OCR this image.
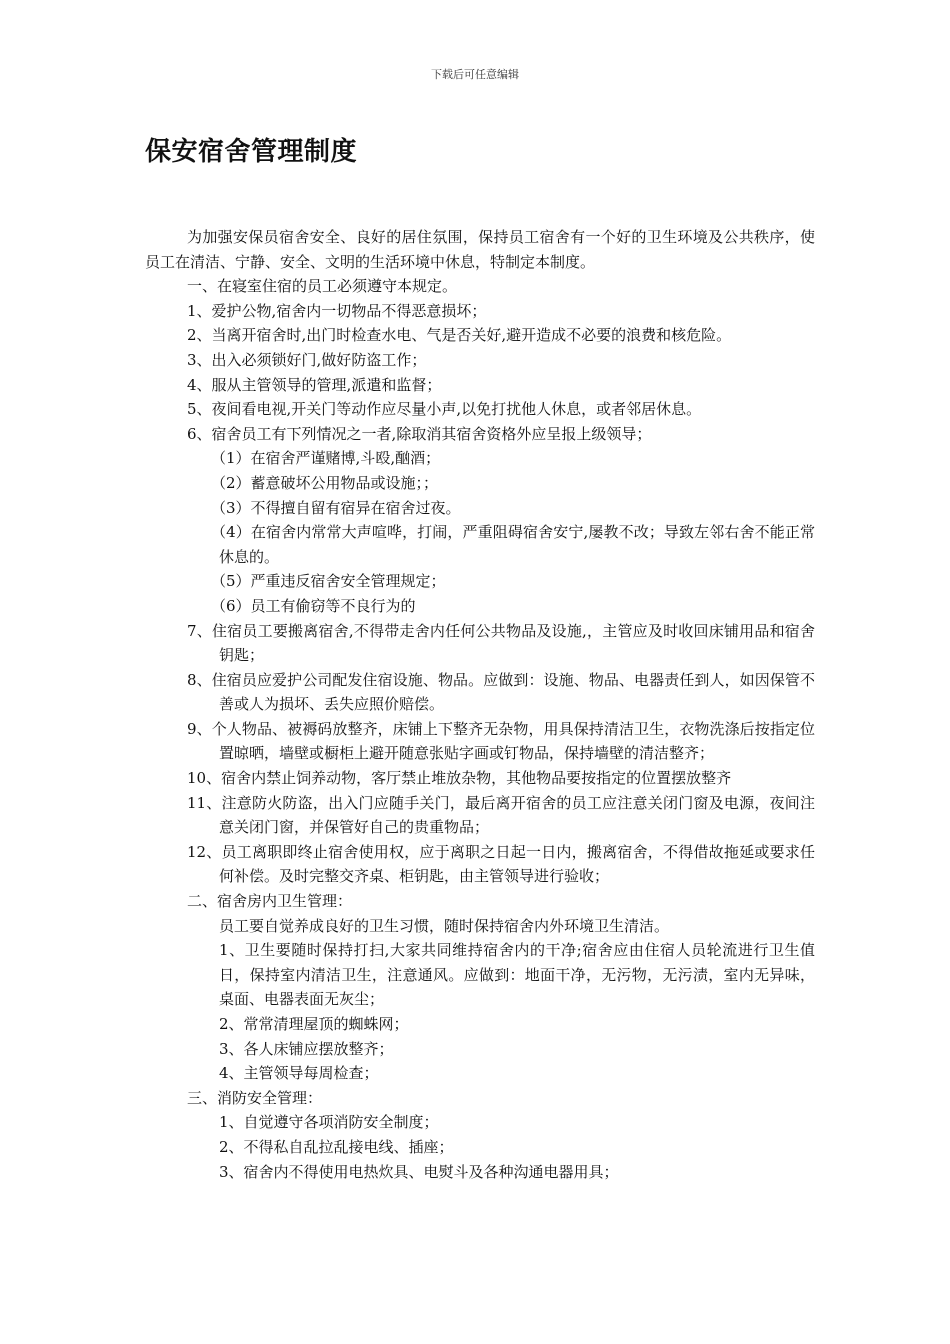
下载后可任意编辑
保安宿舍管理制度

为加强安保员宿舍安全、良好的居住氛围，保持员工宿舍有一个好的卫生环境及公共秩序，使员工在清洁、宁静、安全、文明的生活环境中休息，特制定本制度。

一、在寝室住宿的员工必须遵守本规定。

1、爱护公物,宿舍内一切物品不得恶意损坏；

2、当离开宿舍时,出门时检查水电、气是否关好,避开造成不必要的浪费和核危险。

3、出入必须锁好门,做好防盗工作；

4、服从主管领导的管理,派遣和监督；

5、夜间看电视,开关门等动作应尽量小声,以免打扰他人休息，或者邻居休息。

6、宿舍员工有下列情况之一者,除取消其宿舍资格外应呈报上级领导；

（1）在宿舍严谨赌博,斗殴,酗酒；

（2）蓄意破坏公用物品或设施；；

（3）不得擅自留有宿异在宿舍过夜。

（4）在宿舍内常常大声喧哗，打闹，严重阻碍宿舍安宁,屡教不改；导致左邻右舍不能正常休息的。

（5）严重违反宿舍安全管理规定；

（6）员工有偷窃等不良行为的

7、住宿员工要搬离宿舍,不得带走舍内任何公共物品及设施,，主管应及时收回床铺用品和宿舍钥匙；

8、住宿员应爱护公司配发住宿设施、物品。应做到：设施、物品、电器责任到人，如因保管不善或人为损坏、丢失应照价赔偿。

9、个人物品、被褥码放整齐，床铺上下整齐无杂物，用具保持清洁卫生，衣物洗涤后按指定位置晾晒，墙壁或橱柜上避开随意张贴字画或钉物品，保持墙壁的清洁整齐；

10、宿舍内禁止饲养动物，客厅禁止堆放杂物，其他物品要按指定的位置摆放整齐

11、注意防火防盗，出入门应随手关门，最后离开宿舍的员工应注意关闭门窗及电源，夜间注意关闭门窗，并保管好自己的贵重物品；

12、员工离职即终止宿舍使用权，应于离职之日起一日内，搬离宿舍，不得借故拖延或要求任何补偿。及时完整交齐桌、柜钥匙，由主管领导进行验收；

二、宿舍房内卫生管理：

员工要自觉养成良好的卫生习惯，随时保持宿舍内外环境卫生清洁。

1、卫生要随时保持打扫,大家共同维持宿舍内的干净;宿舍应由住宿人员轮流进行卫生值日，保持室内清洁卫生，注意通风。应做到：地面干净，无污物，无污渍，室内无异味，桌面、电器表面无灰尘；

2、常常清理屋顶的蜘蛛网；

3、各人床铺应摆放整齐；

4、主管领导每周检查；

三、消防安全管理：

1、自觉遵守各项消防安全制度；

2、不得私自乱拉乱接电线、插座；

3、宿舍内不得使用电热炊具、电熨斗及各种沟通电器用具；
